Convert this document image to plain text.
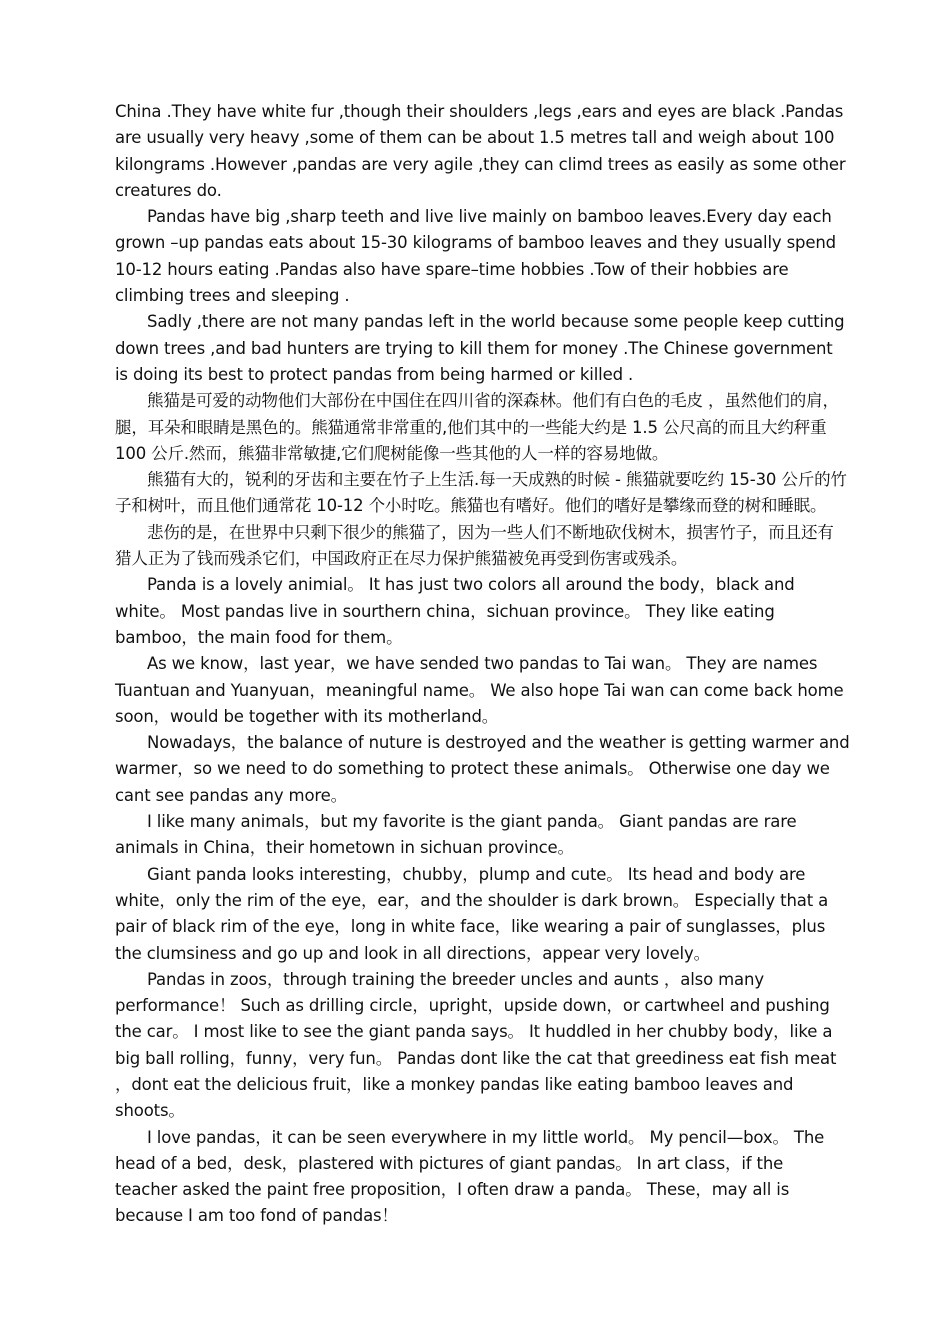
China .They have white fur ,though their shoulders ,legs ,ears and eyes are black .Pandas are usually very heavy ,some of them can be about 1.5 metres tall and weigh about 100 kilongrams .However ,pandas are very agile ,they can climd trees as easily as some other creatures do.

Pandas have big ,sharp teeth and live live mainly on bamboo leaves.Every day each grown –up pandas eats about 15-30 kilograms of bamboo leaves and they usually spend 10-12 hours eating .Pandas also have spare–time hobbies .Tow of their hobbies are climbing trees and sleeping .

Sadly ,there are not many pandas left in the world because some people keep cutting down trees ,and bad hunters are trying to kill them for money .The Chinese government is doing its best to protect pandas from being harmed or killed .

熊猫是可爱的动物他们大部份在中国住在四川省的深森林。他们有白色的毛皮 ，虽然他们的肩，腿，耳朵和眼睛是黑色的。熊猫通常非常重的,他们其中的一些能大约是 1.5 公尺高的而且大约秤重 100 公斤.然而，熊猫非常敏捷,它们爬树能像一些其他的人一样的容易地做。

熊猫有大的，锐利的牙齿和主要在竹子上生活.每一天成熟的时候 - 熊猫就要吃约 15-30 公斤的竹子和树叶，而且他们通常花 10-12 个小时吃。熊猫也有嗜好。他们的嗜好是攀缘而登的树和睡眠。

悲伤的是，在世界中只剩下很少的熊猫了，因为一些人们不断地砍伐树木，损害竹子，而且还有猎人正为了钱而残杀它们，中国政府正在尽力保护熊猫被免再受到伤害或残杀。

Panda is a lovely animial。 It has just two colors all around the body，black and white。 Most pandas live in sourthern china，sichuan province。 They like eating bamboo，the main food for them。

As we know，last year，we have sended two pandas to Tai wan。 They are names Tuantuan and Yuanyuan，meaningful name。 We also hope Tai wan can come back home soon，would be together with its motherland。

Nowadays，the balance of nuture is destroyed and the weather is getting warmer and warmer，so we need to do something to protect these animals。 Otherwise one day we cant see pandas any more。

I like many animals，but my favorite is the giant panda。 Giant pandas are rare animals in China，their hometown in sichuan province。

Giant panda looks interesting，chubby，plump and cute。 Its head and body are white，only the rim of the eye，ear，and the shoulder is dark brown。 Especially that a pair of black rim of the eye，long in white face，like wearing a pair of sunglasses，plus the clumsiness and go up and look in all directions，appear very lovely。

Pandas in zoos，through training the breeder uncles and aunts ，also many performance！ Such as drilling circle，upright，upside down，or cartwheel and pushing the car。 I most like to see the giant panda says。 It huddled in her chubby body，like a big ball rolling，funny，very fun。 Pandas dont like the cat that greediness eat fish meat ，dont eat the delicious fruit，like a monkey pandas like eating bamboo leaves and shoots。

I love pandas，it can be seen everywhere in my little world。 My pencil—box。 The head of a bed，desk，plastered with pictures of giant pandas。 In art class，if the teacher asked the paint free proposition，I often draw a panda。 These，may all is because I am too fond of pandas！
